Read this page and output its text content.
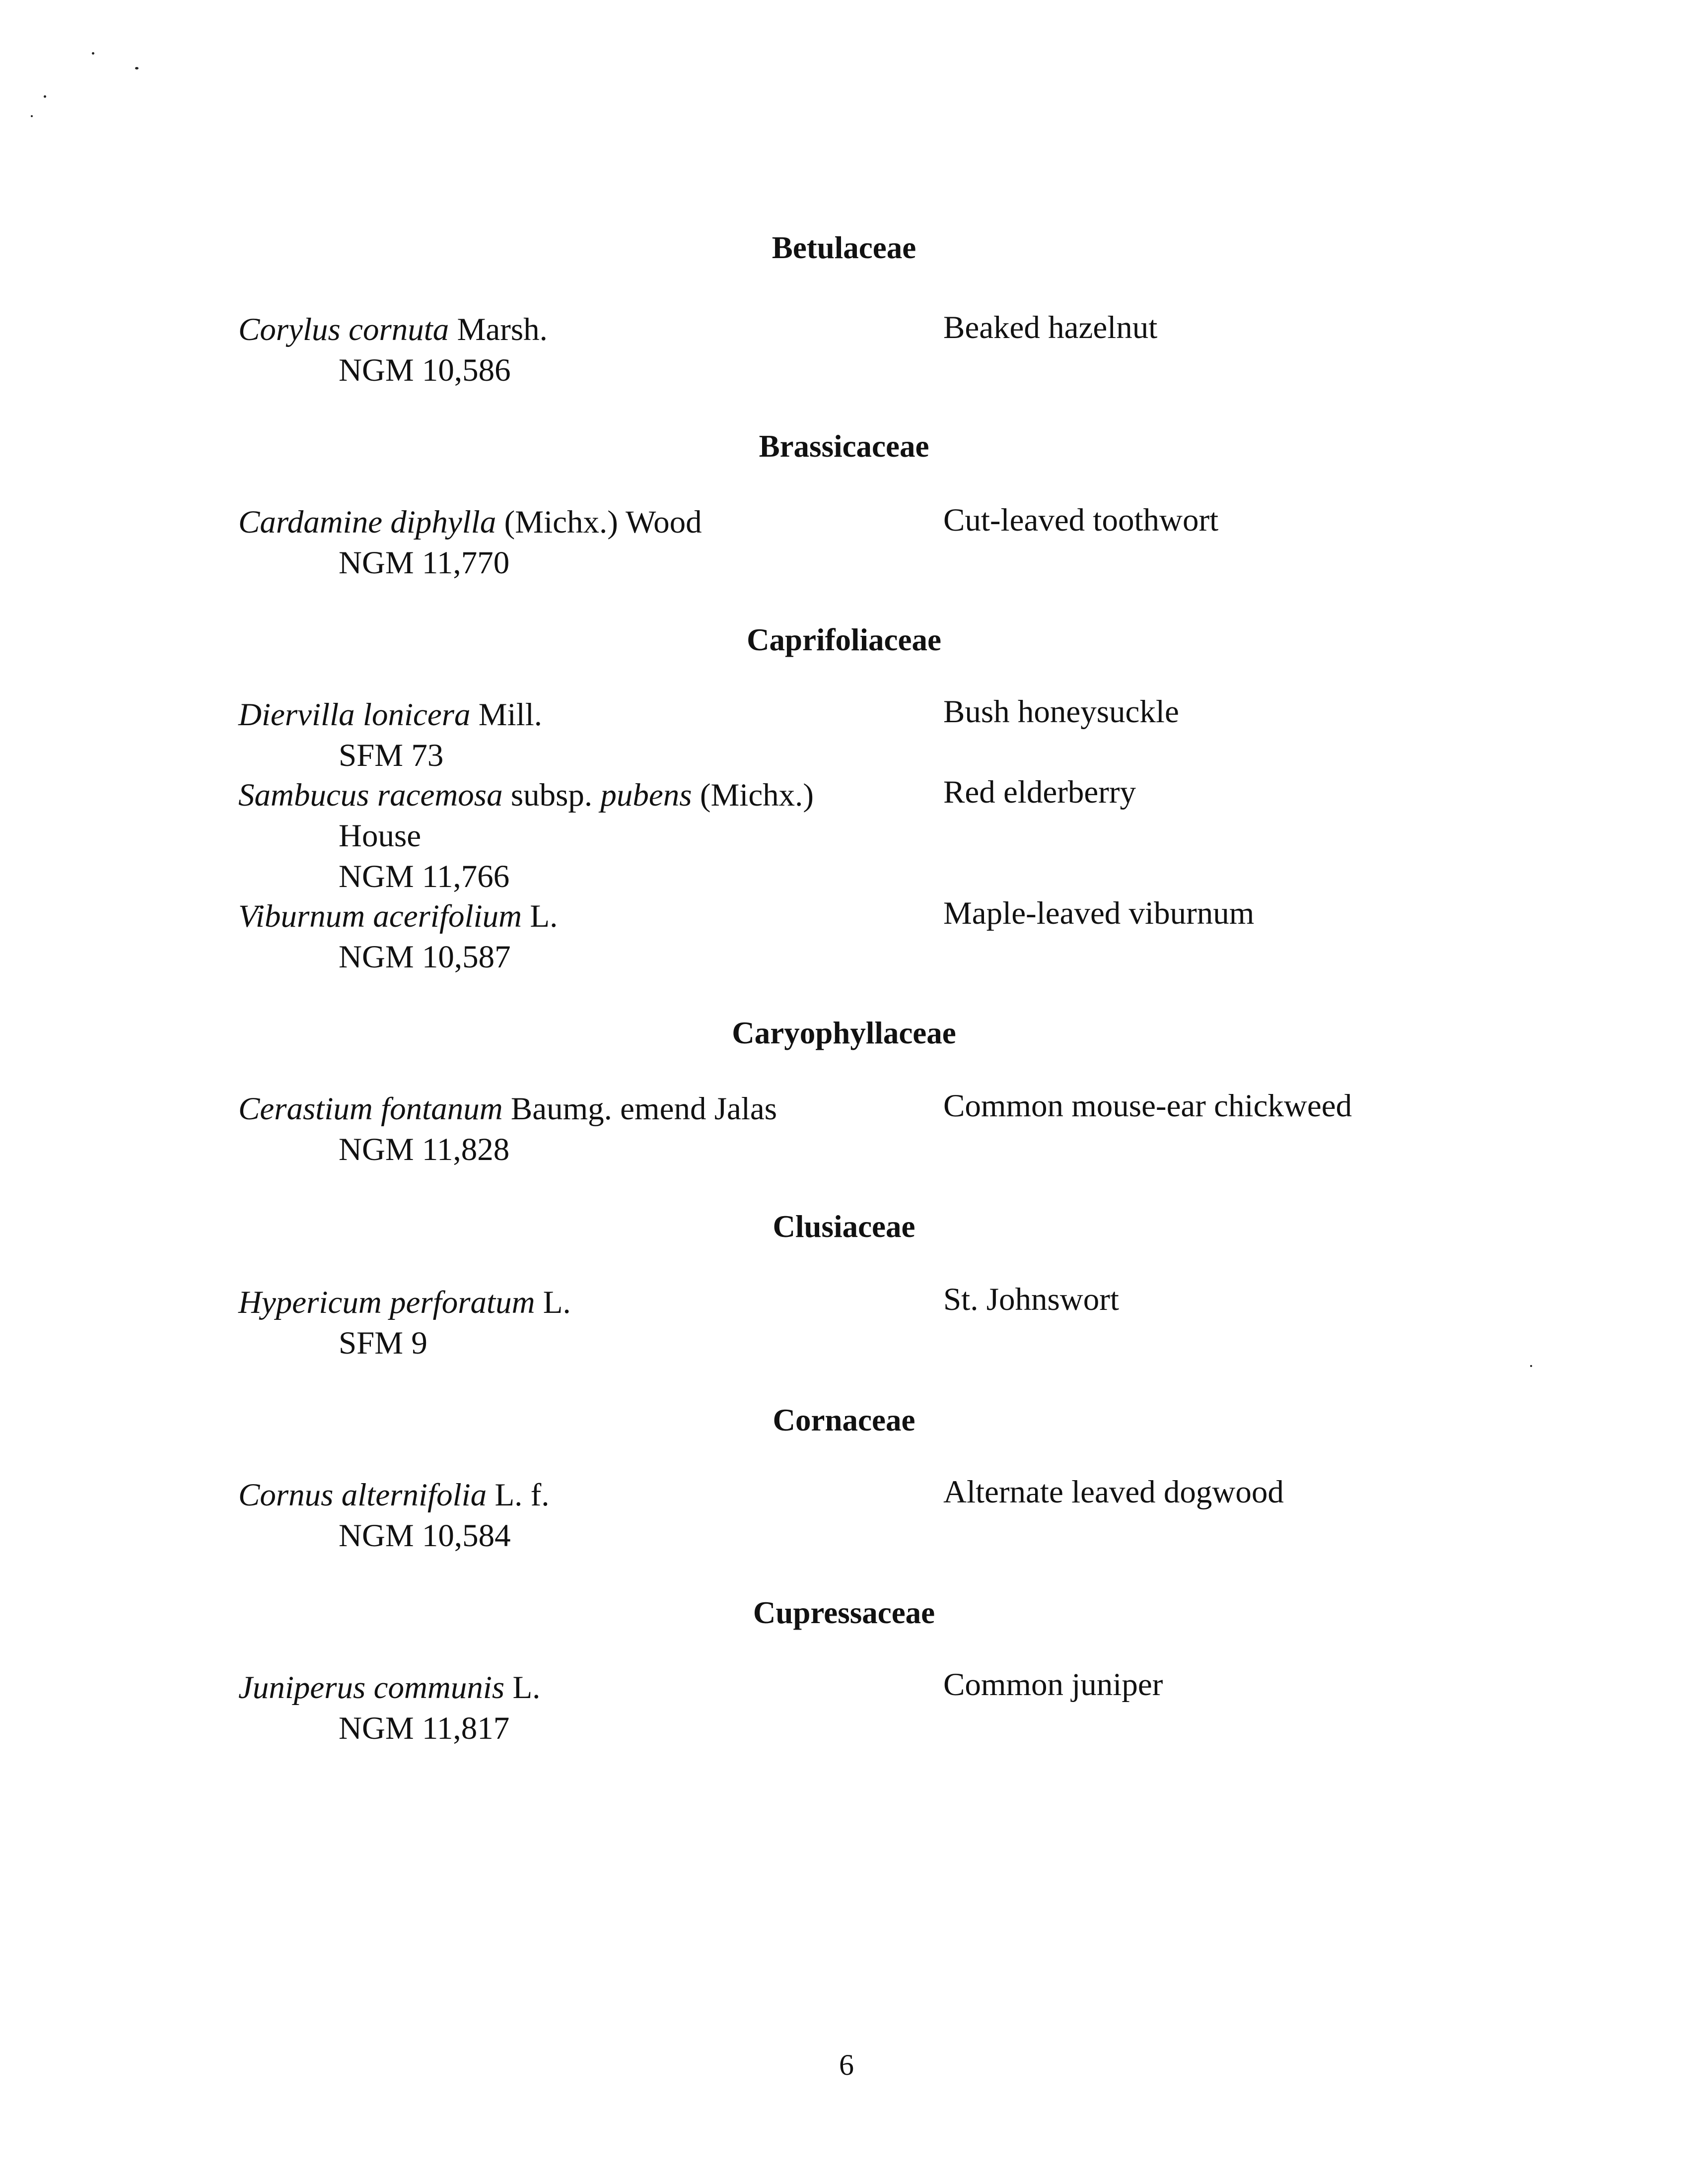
Betulaceae
Corylus cornuta Marsh.
NGM 10,586
Beaked hazelnut
Brassicaceae
Cardamine diphylla (Michx.) Wood
NGM 11,770
Cut-leaved toothwort
Caprifoliaceae
Diervilla lonicera Mill.
SFM 73
Bush honeysuckle
Sambucus racemosa subsp. pubens (Michx.)
House
NGM 11,766
Red elderberry
Viburnum acerifolium L.
NGM 10,587
Maple-leaved viburnum
Caryophyllaceae
Cerastium fontanum Baumg. emend Jalas
NGM 11,828
Common mouse-ear chickweed
Clusiaceae
Hypericum perforatum L.
SFM 9
St. Johnswort
Cornaceae
Cornus alternifolia L. f.
NGM 10,584
Alternate leaved dogwood
Cupressaceae
Juniperus communis L.
NGM 11,817
Common juniper
6
